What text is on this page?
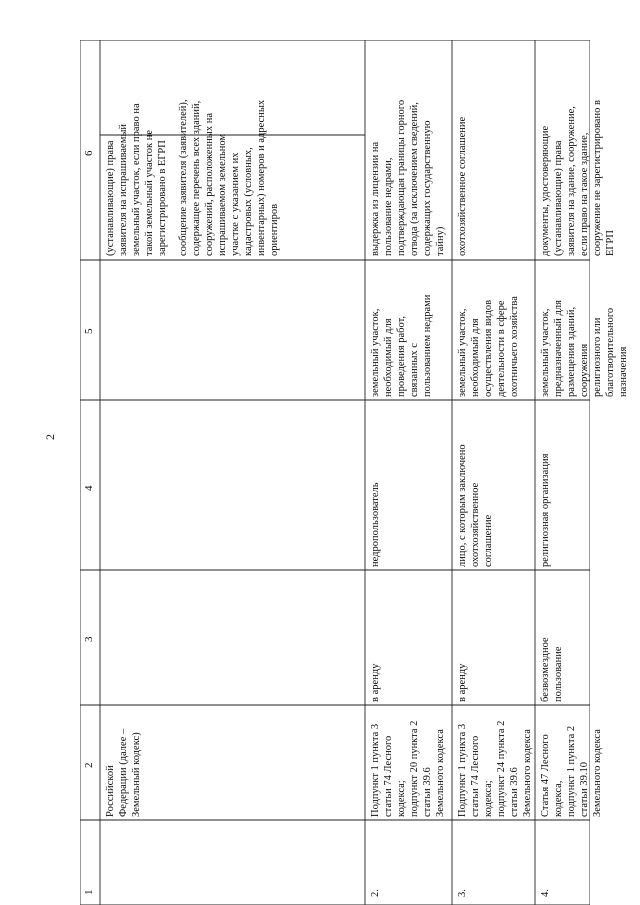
2
1
2
3
4
5
6
Российской Федерации (далее – Земельный кодекс)
(устанавливающие) права заявителя на испрашиваемый земельный участок, если право на такой земельный участок не зарегистрировано в ЕГРП сообщение заявителя (заявителей), содержащее перечень всех зданий, сооружений, расположенных на испрашиваемом земельном участке с указанием их кадастровых (условных, инвентарных) номеров и адресных ориентиров
2.
Подпункт 1 пункта 3 статьи 74 Лесного кодекса; подпункт 20 пункта 2 статьи 39.6 Земельного кодекса
в аренду
недропользователь
земельный участок, необходимый для проведения работ, связанных с пользованием недрами
выдержка из лицензии на пользование недрами, подтверждающая границы горного отвода (за исключением сведений, содержащих государственную тайну)
3.
Подпункт 1 пункта 3 статьи 74 Лесного кодекса; подпункт 24 пункта 2 статьи 39.6 Земельного кодекса
в аренду
лицо, с которым заключено охотхозяйственное соглашение
земельный участок, необходимый для осуществления видов деятельности в сфере охотничьего хозяйства
охотхозяйственное соглашение
4.
Статья 47 Лесного кодекса, подпункт 1 пункта 2 статьи 39.10 Земельного кодекса
безвозмездное пользование
религиозная организация
земельный участок, предназначенный для размещения зданий, сооружения религиозного или благотворительного назначения
документы, удостоверяющие (устанавливающие) права заявителя на здание, сооружение, если право на такое здание, сооружение не зарегистрировано в ЕГРП
